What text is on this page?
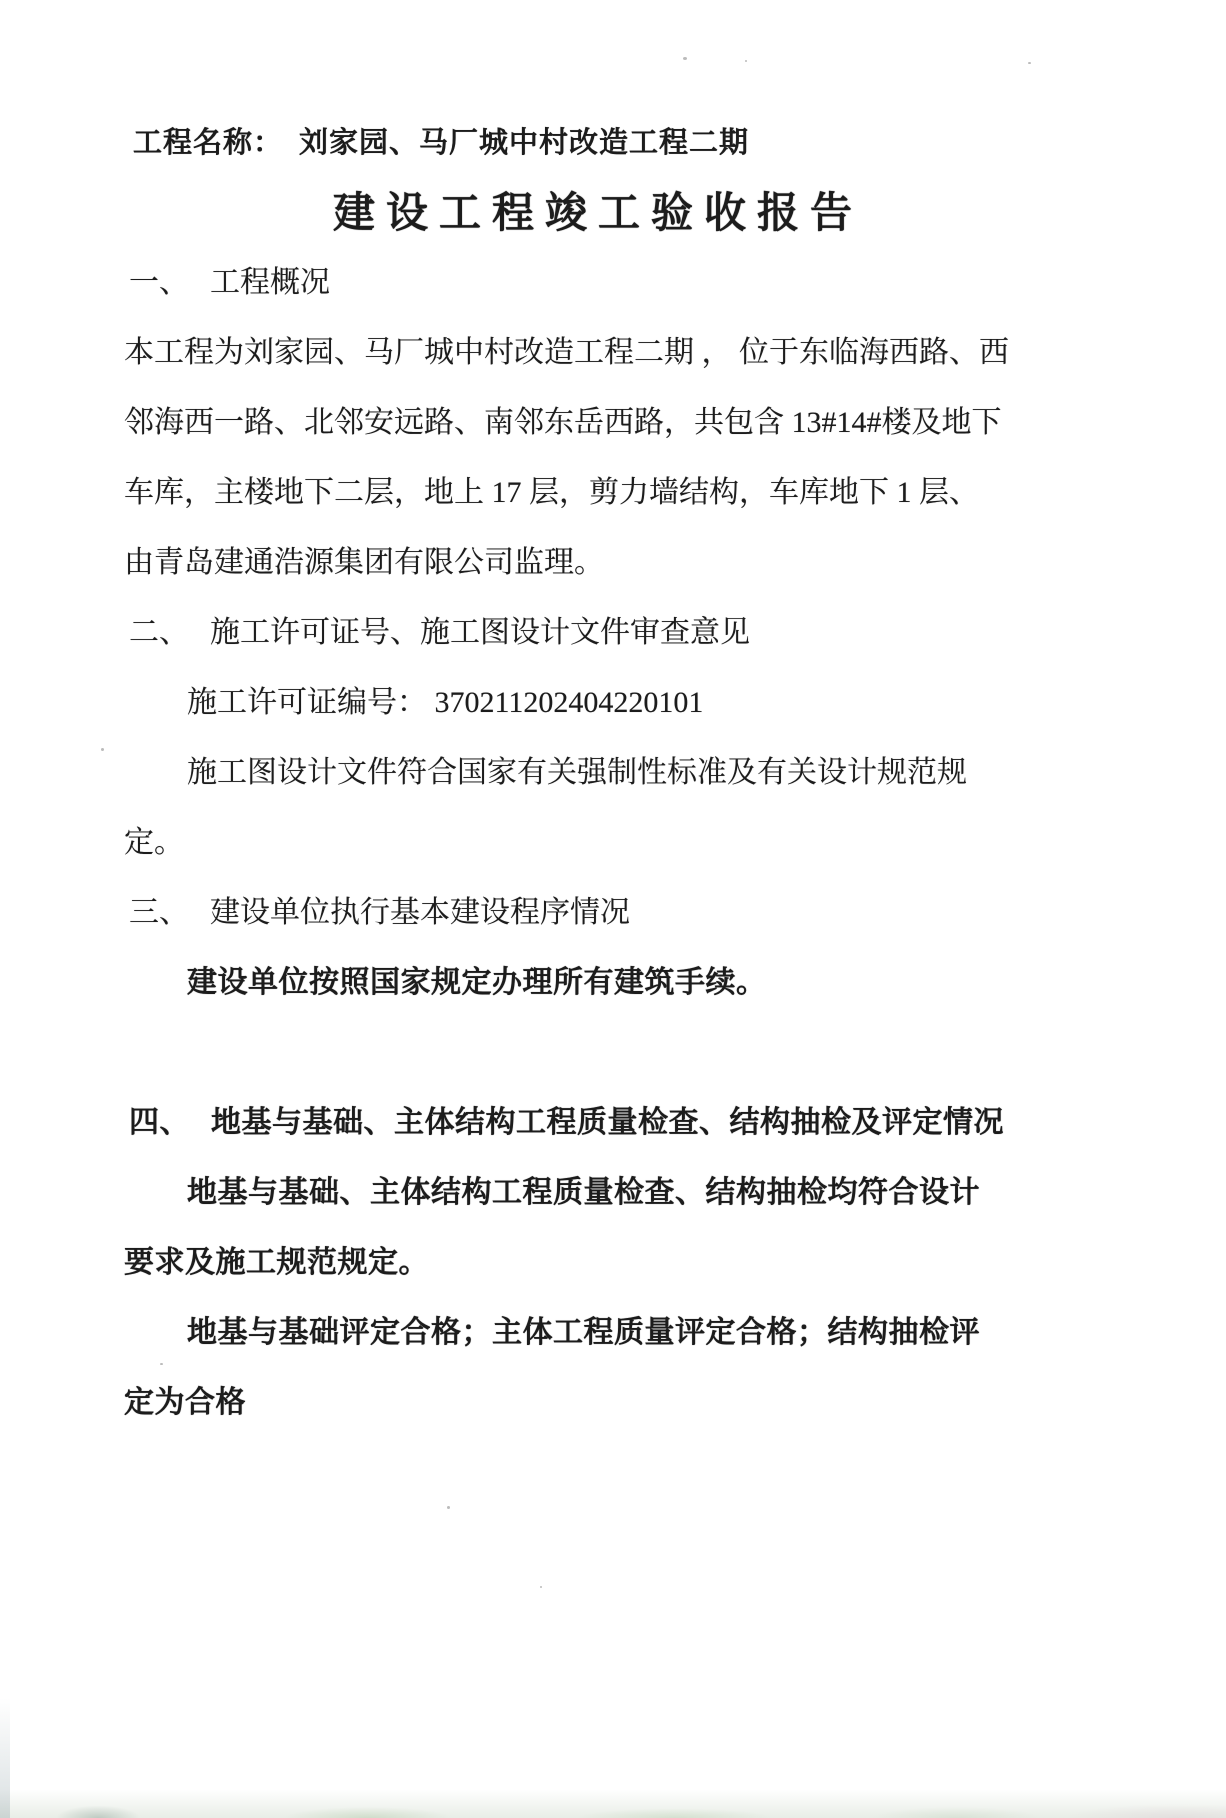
工程名称： 刘家园、马厂城中村改造工程二期
建设工程竣工验收报告
一、 工程概况
本工程为刘家园、马厂城中村改造工程二期 ， 位于东临海西路、西
邻海西一路、北邻安远路、南邻东岳西路，共包含 13#14#楼及地下
车库，主楼地下二层，地上 17 层，剪力墙结构，车库地下 1 层、
由青岛建通浩源集团有限公司监理。
二、 施工许可证号、施工图设计文件审查意见
施工许可证编号： 370211202404220101
施工图设计文件符合国家有关强制性标准及有关设计规范规
定。
三、 建设单位执行基本建设程序情况
建设单位按照国家规定办理所有建筑手续。
四、 地基与基础、主体结构工程质量检查、结构抽检及评定情况
地基与基础、主体结构工程质量检查、结构抽检均符合设计
要求及施工规范规定。
地基与基础评定合格；主体工程质量评定合格；结构抽检评
定为合格
